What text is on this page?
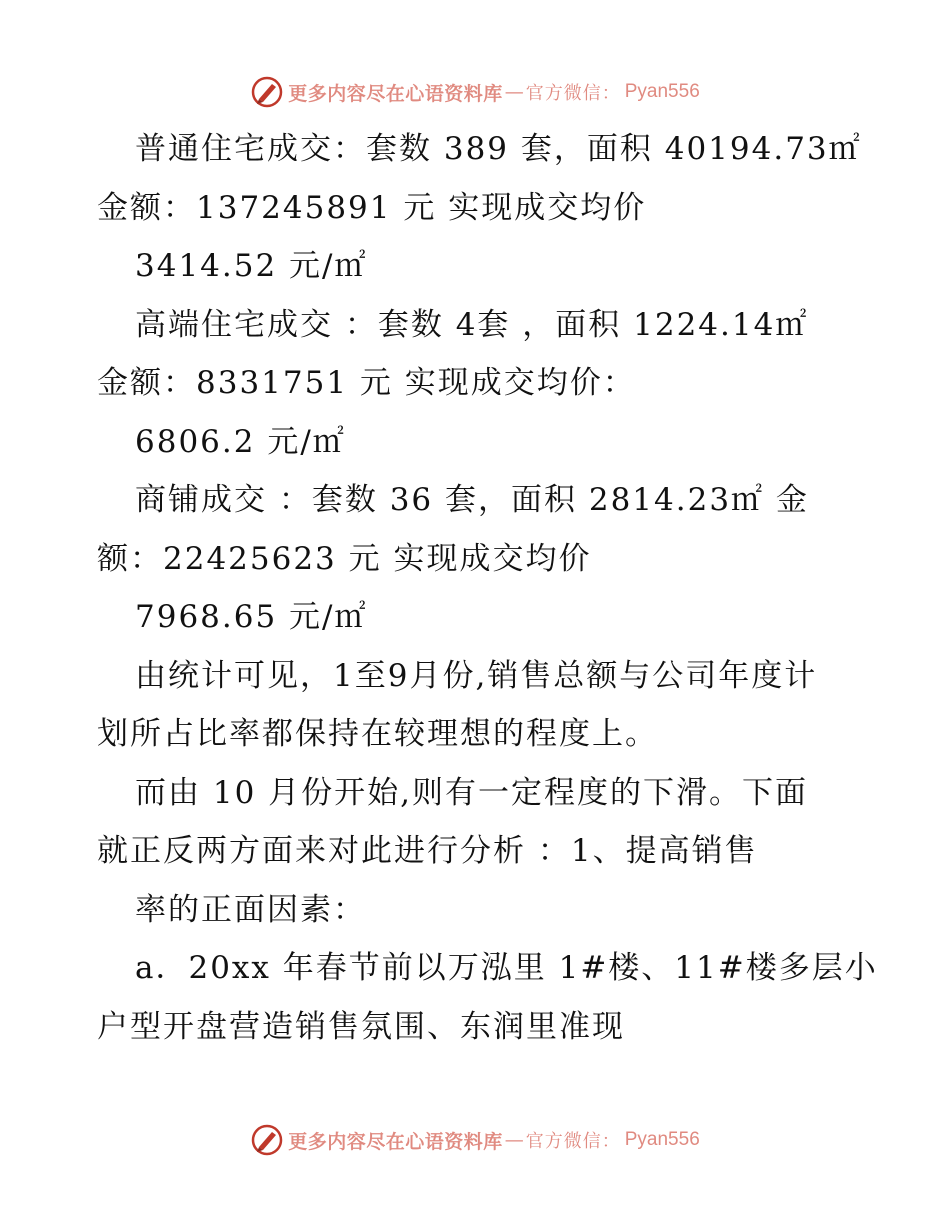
更多内容尽在心语资料库 — 官方微信： Pyan556
普通住宅成交：套数 389 套，面积 40194.73㎡
金额：137245891 元 实现成交均价
3414.52 元/㎡
高端住宅成交 ：套数 4套 ，面积 1224.14㎡
金额：8331751 元 实现成交均价：
6806.2 元/㎡
商铺成交 ：套数 36 套，面积 2814.23㎡ 金
额：22425623 元 实现成交均价
7968.65 元/㎡
由统计可见，1至9月份,销售总额与公司年度计
划所占比率都保持在较理想的程度上。
而由 10 月份开始,则有一定程度的下滑。下面
就正反两方面来对此进行分析 ：1、提高销售
率的正面因素：
a．20xx 年春节前以万泓里 1#楼、11#楼多层小
户型开盘营造销售氛围、东润里准现
更多内容尽在心语资料库 — 官方微信： Pyan556
